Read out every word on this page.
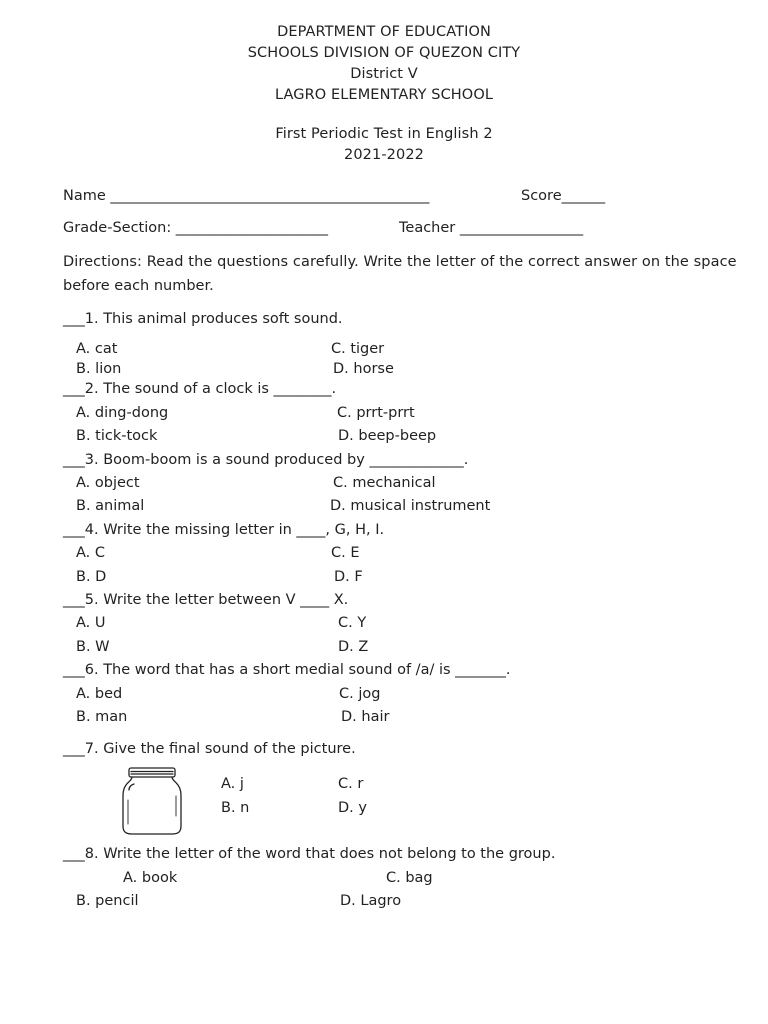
DEPARTMENT OF EDUCATION
SCHOOLS DIVISION OF QUEZON CITY
District V
LAGRO ELEMENTARY SCHOOL
First Periodic Test in English 2
2021-2022
Name ____________________________________________	Score______
Grade-Section: _____________________	Teacher _________________
Directions: Read the questions carefully. Write the letter of the correct answer on the space
before each number.
___1. This animal produces soft sound.
A. cat
B. lion
C. tiger
D. horse
___2. The sound of a clock is ________.
A. ding-dong
B. tick-tock
C. prrt-prrt
D. beep-beep
___3. Boom-boom is a sound produced by _____________.
A. object
B. animal
C. mechanical
D. musical instrument
___4. Write the missing letter in ____, G, H, I.
A. C
B. D
C. E
D. F
___5. Write the letter between V ____ X.
A. U
B. W
C. Y
D. Z
___6. The word that has a short medial sound of /a/ is _______.
A. bed
B. man
C. jog
D. hair
___7. Give the final sound of the picture.
A. j
B. n
C. r
D. y
___8. Write the letter of the word that does not belong to the group.
A. book
B. pencil
C. bag
D. Lagro
